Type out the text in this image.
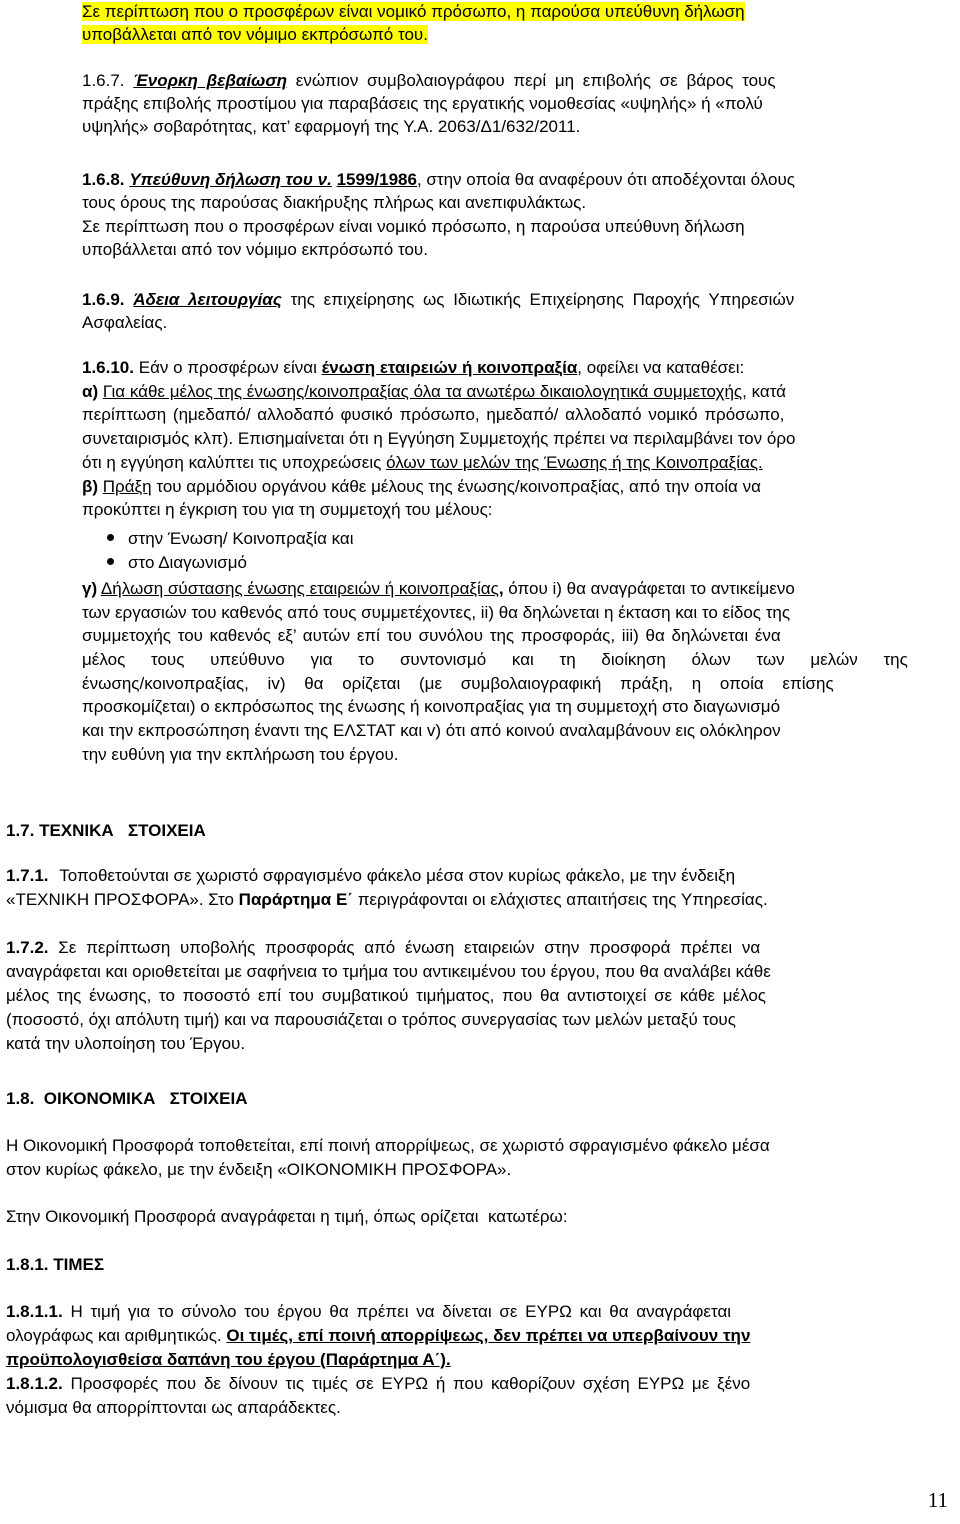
Σε περίπτωση που ο προσφέρων είναι νομικό πρόσωπο, η παρούσα υπεύθυνη δήλωση
υποβάλλεται από τον νόμιμο εκπρόσωπό του.
1.6.7. Ένορκη βεβαίωση ενώπιον συμβολαιογράφου περί μη επιβολής σε βάρος τους
πράξης επιβολής προστίμου για παραβάσεις της εργατικής νομοθεσίας «υψηλής» ή «πολύ
υψηλής» σοβαρότητας, κατ’ εφαρμογή της Υ.Α. 2063/Δ1/632/2011.
1.6.8. Υπεύθυνη δήλωση του ν. 1599/1986, στην οποία θα αναφέρουν ότι αποδέχονται όλους
τους όρους της παρούσας διακήρυξης πλήρως και ανεπιφυλάκτως.
Σε περίπτωση που ο προσφέρων είναι νομικό πρόσωπο, η παρούσα υπεύθυνη δήλωση
υποβάλλεται από τον νόμιμο εκπρόσωπό του.
1.6.9. Άδεια λειτουργίας της επιχείρησης ως Ιδιωτικής Επιχείρησης Παροχής Υπηρεσιών
Ασφαλείας.
1.6.10. Εάν ο προσφέρων είναι ένωση εταιρειών ή κοινοπραξία, οφείλει να καταθέσει:
α) Για κάθε μέλος της ένωσης/κοινοπραξίας όλα τα ανωτέρω δικαιολογητικά συμμετοχής, κατά
περίπτωση (ημεδαπό/ αλλοδαπό φυσικό πρόσωπο, ημεδαπό/ αλλοδαπό νομικό πρόσωπο,
συνεταιρισμός κλπ). Επισημαίνεται ότι η Εγγύηση Συμμετοχής πρέπει να περιλαμβάνει τον όρο
ότι η εγγύηση καλύπτει τις υποχρεώσεις όλων των μελών της Ένωσης ή της Κοινοπραξίας.
β) Πράξη του αρμόδιου οργάνου κάθε μέλους της ένωσης/κοινοπραξίας, από την οποία να
προκύπτει η έγκριση του για τη συμμετοχή του μέλους:
στην Ένωση/ Κοινοπραξία και
στο Διαγωνισμό
γ) Δήλωση σύστασης ένωσης εταιρειών ή κοινοπραξίας, όπου i) θα αναγράφεται το αντικείμενο
των εργασιών του καθενός από τους συμμετέχοντες, ii) θα δηλώνεται η έκταση και το είδος της
συμμετοχής του καθενός εξ’ αυτών επί του συνόλου της προσφοράς, iii) θα δηλώνεται ένα
μέλος τους υπεύθυνο για το συντονισμό και τη διοίκηση όλων των μελών της
ένωσης/κοινοπραξίας, iv) θα ορίζεται (με συμβολαιογραφική πράξη, η οποία επίσης
προσκομίζεται) ο εκπρόσωπος της ένωσης ή κοινοπραξίας για τη συμμετοχή στο διαγωνισμό
και την εκπροσώπηση έναντι της ΕΛΣΤΑΤ και v) ότι από κοινού αναλαμβάνουν εις ολόκληρον
την ευθύνη για την εκπλήρωση του έργου.
1.7. ΤΕΧΝΙΚΑ   ΣΤΟΙΧΕΙΑ
1.7.1. Τοποθετούνται σε χωριστό σφραγισμένο φάκελο μέσα στον κυρίως φάκελο, με την ένδειξη
«ΤΕΧΝΙΚΗ ΠΡΟΣΦΟΡΑ». Στο Παράρτημα Ε΄ περιγράφονται οι ελάχιστες απαιτήσεις της Υπηρεσίας.
1.7.2. Σε περίπτωση υποβολής προσφοράς από ένωση εταιρειών στην προσφορά πρέπει να
αναγράφεται και οριοθετείται με σαφήνεια το τμήμα του αντικειμένου του έργου, που θα αναλάβει κάθε
μέλος της ένωσης, το ποσοστό επί του συμβατικού τιμήματος, που θα αντιστοιχεί σε κάθε μέλος
(ποσοστό, όχι απόλυτη τιμή) και να παρουσιάζεται ο τρόπος συνεργασίας των μελών μεταξύ τους
κατά την υλοποίηση του Έργου.
1.8.  ΟΙΚΟΝΟΜΙΚΑ   ΣΤΟΙΧΕΙΑ
Η Οικονομική Προσφορά τοποθετείται, επί ποινή απορρίψεως, σε χωριστό σφραγισμένο φάκελο μέσα
στον κυρίως φάκελο, με την ένδειξη «ΟΙΚΟΝΟΜΙΚΗ ΠΡΟΣΦΟΡΑ».
Στην Οικονομική Προσφορά αναγράφεται η τιμή, όπως ορίζεται  κατωτέρω:
1.8.1. ΤΙΜΕΣ
1.8.1.1. Η τιμή για το σύνολο του έργου θα πρέπει να δίνεται σε ΕΥΡΩ και θα αναγράφεται
ολογράφως και αριθμητικώς. Οι τιμές, επί ποινή απορρίψεως, δεν πρέπει να υπερβαίνουν την
προϋπολογισθείσα δαπάνη του έργου (Παράρτημα Α΄).
1.8.1.2. Προσφορές που δε δίνουν τις τιμές σε ΕΥΡΩ ή που καθορίζουν σχέση ΕΥΡΩ με ξένο
νόμισμα θα απορρίπτονται ως απαράδεκτες.
11
